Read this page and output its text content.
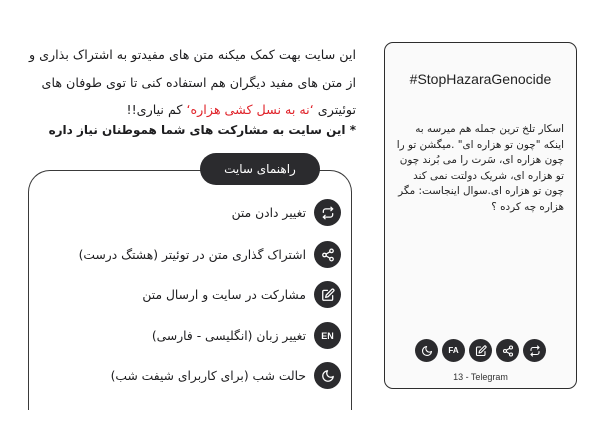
#StopHazaraGenocide
اسکار تلخ ترین جمله هم میرسه به اینکه "چون تو هزاره ای" .میگشن تو را چون هزاره ای، سَرت را می بُرند چون تو هزاره ای، شریک دولتت نمی کند چون تو هزاره ای.سوال اینجاست: مگر هزاره چه کرده ؟
FA
13 - Telegram
این سایت بهت کمک میکنه متن های مفیدتو به اشتراک بذاری و از متن های مفید دیگران هم استفاده کنی تا توی طوفان های توئیتری ‘نه به نسل کشی هزاره‘ کم نیاری!!
* این سایت به مشارکت های شما هموطنان نیاز داره
راهنمای سایت
تغییر دادن متن
اشتراک گذاری متن در توئیتر (هشتگ درست)
مشارکت در سایت و ارسال متن
EN
تغییر زبان (انگلیسی - فارسی)
حالت شب (برای کاربرای شیفت شب)
